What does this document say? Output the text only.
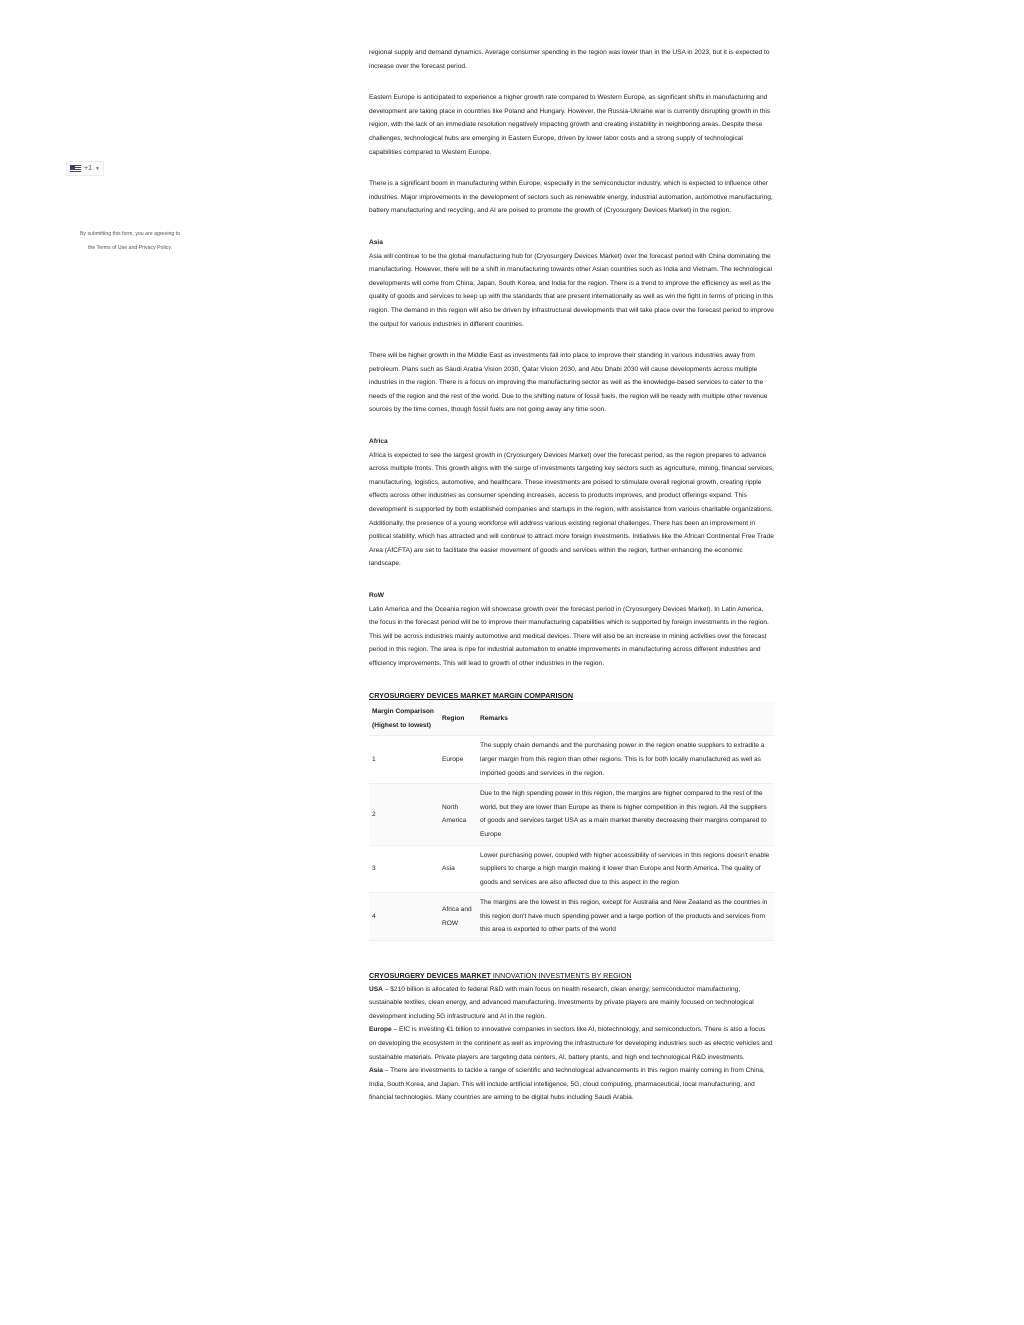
+1 ▼
By submitting this form, you are agreeing to
the Terms of Use and Privacy Policy.

regional supply and demand dynamics. Average consumer spending in the region was lower than in the USA in 2023, but it is expected to increase over the forecast period.

Eastern Europe is anticipated to experience a higher growth rate compared to Western Europe, as significant shifts in manufacturing and development are taking place in countries like Poland and Hungary. However, the Russia-Ukraine war is currently disrupting growth in this region, with the lack of an immediate resolution negatively impacting growth and creating instability in neighboring areas. Despite these challenges, technological hubs are emerging in Eastern Europe, driven by lower labor costs and a strong supply of technological capabilities compared to Western Europe.

There is a significant boom in manufacturing within Europe, especially in the semiconductor industry, which is expected to influence other industries. Major improvements in the development of sectors such as renewable energy, industrial automation, automotive manufacturing, battery manufacturing and recycling, and AI are poised to promote the growth of (Cryosurgery Devices Market) in the region.

Asia

Asia will continue to be the global manufacturing hub for (Cryosurgery Devices Market) over the forecast period with China dominating the manufacturing. However, there will be a shift in manufacturing towards other Asian countries such as India and Vietnam. The technological developments will come from China, Japan, South Korea, and India for the region. There is a trend to improve the efficiency as well as the quality of goods and services to keep up with the standards that are present internationally as well as win the fight in terms of pricing in this region. The demand in this region will also be driven by infrastructural developments that will take place over the forecast period to improve the output for various industries in different countries.

There will be higher growth in the Middle East as investments fall into place to improve their standing in various industries away from petroleum. Plans such as Saudi Arabia Vision 2030, Qatar Vision 2030, and Abu Dhabi 2030 will cause developments across multiple industries in the region. There is a focus on improving the manufacturing sector as well as the knowledge-based services to cater to the needs of the region and the rest of the world. Due to the shifting nature of fossil fuels, the region will be ready with multiple other revenue sources by the time comes, though fossil fuels are not going away any time soon.

Africa

Africa is expected to see the largest growth in (Cryosurgery Devices Market) over the forecast period, as the region prepares to advance across multiple fronts. This growth aligns with the surge of investments targeting key sectors such as agriculture, mining, financial services, manufacturing, logistics, automotive, and healthcare. These investments are poised to stimulate overall regional growth, creating ripple effects across other industries as consumer spending increases, access to products improves, and product offerings expand. This development is supported by both established companies and startups in the region, with assistance from various charitable organizations. Additionally, the presence of a young workforce will address various existing regional challenges. There has been an improvement in political stability, which has attracted and will continue to attract more foreign investments. Initiatives like the African Continental Free Trade Area (AfCFTA) are set to facilitate the easier movement of goods and services within the region, further enhancing the economic landscape.

RoW

Latin America and the Oceania region will showcase growth over the forecast period in (Cryosurgery Devices Market). In Latin America, the focus in the forecast period will be to improve their manufacturing capabilities which is supported by foreign investments in the region. This will be across industries mainly automotive and medical devices. There will also be an increase in mining activities over the forecast period in this region. The area is ripe for industrial automation to enable improvements in manufacturing across different industries and efficiency improvements. This will lead to growth of other industries in the region.

CRYOSURGERY DEVICES MARKET MARGIN COMPARISON

Margin Comparison (Highest to lowest)	Region	Remarks
1	Europe	The supply chain demands and the purchasing power in the region enable suppliers to extradite a larger margin from this region than other regions. This is for both locally manufactured as well as imported goods and services in the region.
2	North America	Due to the high spending power in this region, the margins are higher compared to the rest of the world, but they are lower than Europe as there is higher competition in this region. All the suppliers of goods and services target USA as a main market thereby decreasing their margins compared to Europe
3	Asia	Lower purchasing power, coupled with higher accessibility of services in this regions doesn't enable suppliers to charge a high margin making it lower than Europe and North America. The quality of goods and services are also affected due to this aspect in the region
4	Africa and ROW	The margins are the lowest in this region, except for Australia and New Zealand as the countries in this region don't have much spending power and a large portion of the products and services from this area is exported to other parts of the world

CRYOSURGERY DEVICES MARKET INNOVATION INVESTMENTS BY REGION

USA – $210 billion is allocated to federal R&D with main focus on health research, clean energy, semiconductor manufacturing, sustainable textiles, clean energy, and advanced manufacturing. Investments by private players are mainly focused on technological development including 5G infrastructure and AI in the region.

Europe – EIC is investing €1 billion to innovative companies in sectors like AI, biotechnology, and semiconductors. There is also a focus on developing the ecosystem in the continent as well as improving the infrastructure for developing industries such as electric vehicles and sustainable materials. Private players are targeting data centers, AI, battery plants, and high end technological R&D investments.

Asia – There are investments to tackle a range of scientific and technological advancements in this region mainly coming in from China, India, South Korea, and Japan. This will include artificial intelligence, 5G, cloud computing, pharmaceutical, local manufacturing, and financial technologies. Many countries are aiming to be digital hubs including Saudi Arabia.
